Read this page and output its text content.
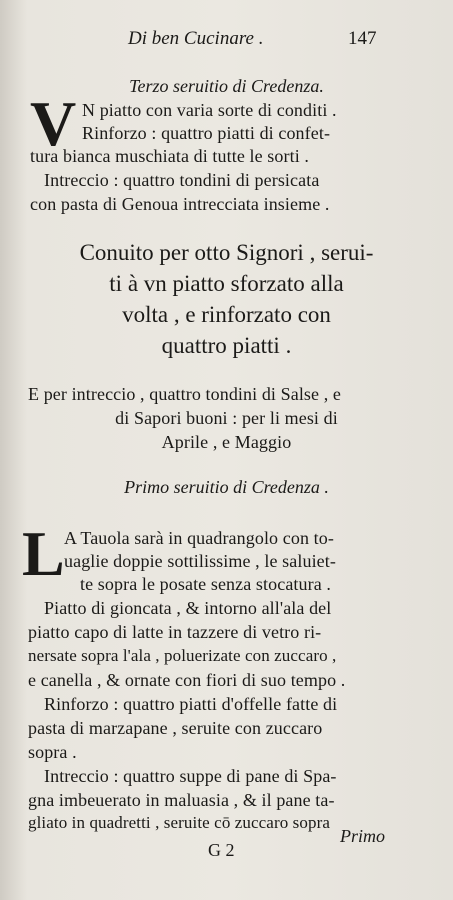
Di ben Cucinare .	147
Terzo seruitio di Credenza.
V N piatto con varia sorte di conditi .
Rinforzo : quattro piatti di confet-
tura bianca muschiata di tutte le sorti .
Intreccio : quattro tondini di persicata
con pasta di Genoua intrecciata insieme .
Conuito per otto Signori , serui-
ti à vn piatto sforzato alla
volta , e rinforzato con
quattro piatti .
E per intreccio , quattro tondini di Salse , e
di Sapori buoni : per li mesi di
Aprile , e Maggio
Primo seruitio di Credenza .
L A Tauola sarà in quadrangolo con to-
uaglie doppie sottilissime , le saluiet-
te sopra le posate senza stocatura .
Piatto di gioncata , & intorno all'ala del
piatto capo di latte in tazzere di vetro ri-
nersate sopra l'ala , poluerizate con zuccaro ,
e canella , & ornate con fiori di suo tempo .
Rinforzo : quattro piatti d'offelle fatte di
pasta di marzapane , seruite con zuccaro
sopra .
Intreccio : quattro suppe di pane di Spa-
gna imbeuerato in maluasia , & il pane ta-
gliato in quadretti , seruite cō zuccaro sopra
G 2
Primo
